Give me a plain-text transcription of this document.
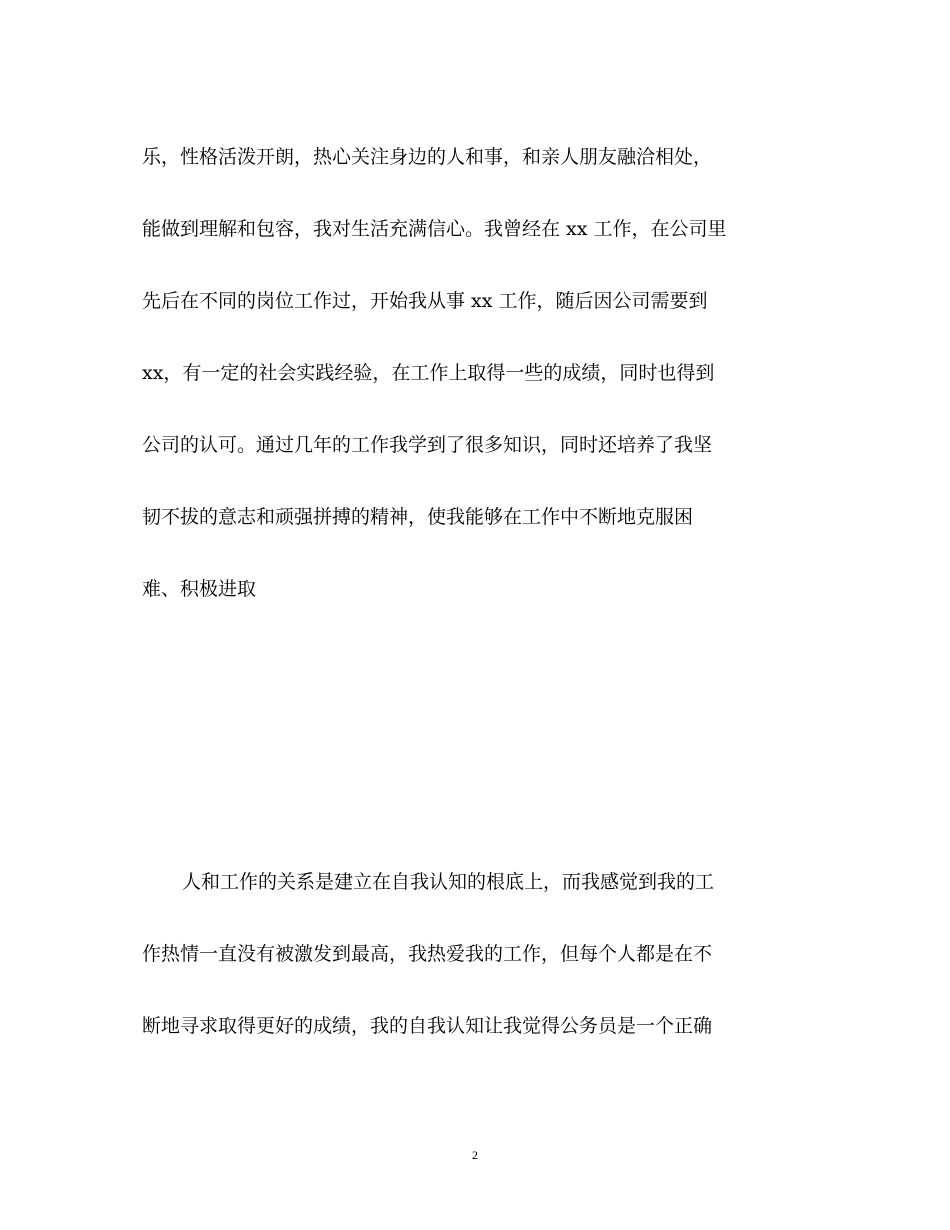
乐，性格活泼开朗，热心关注身边的人和事，和亲人朋友融洽相处，
能做到理解和包容，我对生活充满信心。我曾经在 xx 工作，在公司里
先后在不同的岗位工作过，开始我从事 xx 工作，随后因公司需要到
xx，有一定的社会实践经验，在工作上取得一些的成绩，同时也得到
公司的认可。通过几年的工作我学到了很多知识，同时还培养了我坚
韧不拔的意志和顽强拼搏的精神，使我能够在工作中不断地克服困
难、积极进取
人和工作的关系是建立在自我认知的根底上，而我感觉到我的工
作热情一直没有被激发到最高，我热爱我的工作，但每个人都是在不
断地寻求取得更好的成绩，我的自我认知让我觉得公务员是一个正确
2
